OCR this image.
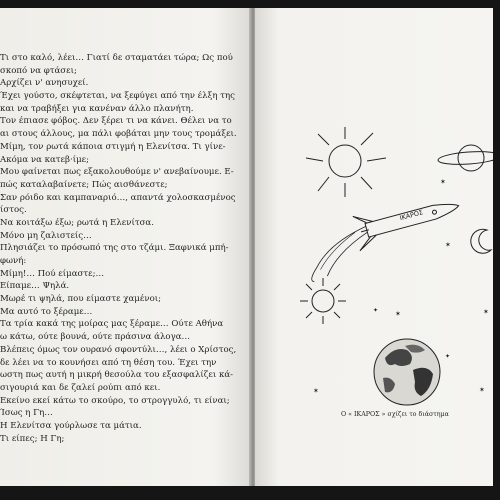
Τι στο καλό, λέει… Γιατί δε σταματάει τώρα; Ως πού
σκοπό να φτάσει;
Αρχίζει ν' ανησυχεί.
Έχει γούστο, σκέφτεται, να ξεφύγει από την έλξη της
και να τραβήξει για κανέναν άλλο πλανήτη.
Τον έπιασε φόβος. Δεν ξέρει τι να κάνει. Θέλει να το
αι στους άλλους, μα πάλι φοβάται μην τους τρομάξει.
Μίμη, τον ρωτά κάποια στιγμή η Ελενίτσα. Τι γίνε-
Ακόμα να κατεβ·ίμε;
Μου φαίνεται πως εξακολουθούμε ν' ανεβαίνουμε. Ε-
πώς καταλαβαίνετε; Πώς αισθάνεστε;
Σαν ρόιδο και καμπαναριό…, απαντά χολοσκασμένος
ίστος.
Να κοιτάξω έξω; ρωτά η Ελενίτσα.
Μόνο μη ζαλιστείς…
Πλησιάζει το πρόσωπό της στο τζάμι. Ξαφνικά μπή-
φωνή:
Μίμη!… Πού είμαστε;…
Είπαμε… Ψηλά.
Μωρέ τι ψηλά, που είμαστε χαμένοι;
Μα αυτό το ξέραμε…
Τα τρία κακά της μοίρας μας ξέραμε… Ούτε Αθήνα
ω κάτω, ούτε βουνά, ούτε πράσινα άλογα…
Βλέπεις όμως τον ουρανό σφοντύλι…, λέει ο Χρίστος,
δε λέει να το κουνήσει από τη θέση του. Έχει την
ωστη πως αυτή η μικρή θεσούλα του εξασφαλίζει κά-
σιγουριά και δε ζαλεί ρούπι από κει.
Εκείνο εκεί κάτω το σκούρο, το στρογγυλό, τι είναι;
Ίσως η Γη…
Η Ελενίτσα γούρλωσε τα μάτια.
Τι είπες; Η Γη;
ΙΚΑΡΟΣ
✶
✶
✶
✶
✦
✦
✶	✶
Ο « ΙΚΑΡΟΣ » σχίζει το διάστημα
